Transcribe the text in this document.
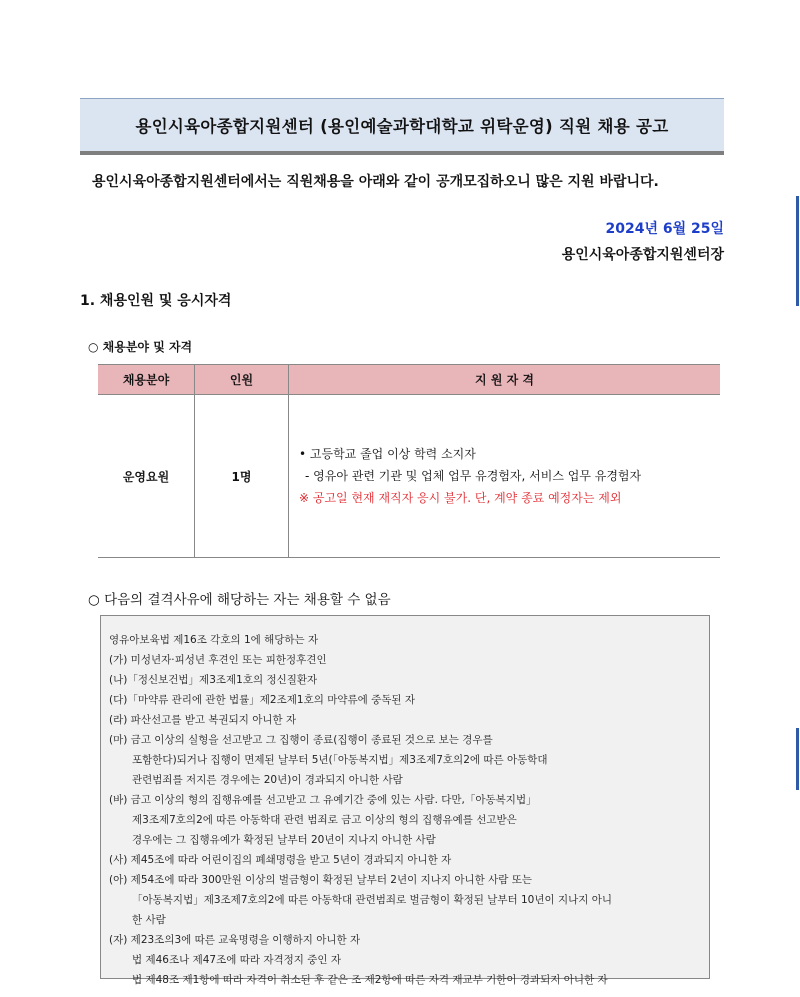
용인시육아종합지원센터 (용인예술과학대학교 위탁운영) 직원 채용 공고
용인시육아종합지원센터에서는 직원채용을 아래와 같이 공개모집하오니 많은 지원 바랍니다.
2024년 6월 25일
용인시육아종합지원센터장
1. 채용인원 및 응시자격
○ 채용분야 및 자격
채용분야	인원	지 원 자 격
운영요원	1명	• 고등학교 졸업 이상 학력 소지자
- 영유아 관련 기관 및 업체 업무 유경험자, 서비스 업무 유경험자
※ 공고일 현재 재직자 응시 불가. 단, 계약 종료 예정자는 제외
○ 다음의 결격사유에 해당하는 자는 채용할 수 없음
영유아보육법 제16조 각호의 1에 해당하는 자
(가) 미성년자·피성년 후견인 또는 피한정후견인
(나)「정신보건법」제3조제1호의 정신질환자
(다)「마약류 관리에 관한 법률」제2조제1호의 마약류에 중독된 자
(라) 파산선고를 받고 복권되지 아니한 자
(마) 금고 이상의 실형을 선고받고 그 집행이 종료(집행이 종료된 것으로 보는 경우를
포함한다)되거나 집행이 면제된 날부터 5년(「아동복지법」제3조제7호의2에 따른 아동학대
관련범죄를 저지른 경우에는 20년)이 경과되지 아니한 사람
(바) 금고 이상의 형의 집행유예를 선고받고 그 유예기간 중에 있는 사람. 다만,「아동복지법」
제3조제7호의2에 따른 아동학대 관련 범죄로 금고 이상의 형의 집행유예를 선고받은
경우에는 그 집행유예가 확정된 날부터 20년이 지나지 아니한 사람
(사) 제45조에 따라 어린이집의 폐쇄명령을 받고 5년이 경과되지 아니한 자
(아) 제54조에 따라 300만원 이상의 벌금형이 확정된 날부터 2년이 지나지 아니한 사람 또는
「아동복지법」제3조제7호의2에 따른 아동학대 관련범죄로 벌금형이 확정된 날부터 10년이 지나지 아니
한 사람
(자) 제23조의3에 따른 교육명령을 이행하지 아니한 자
법 제46조나 제47조에 따라 자격정지 중인 자
법 제48조 제1항에 따라 자격이 취소된 후 같은 조 제2항에 따른 자격 재교부 기한이 경과되지 아니한 자
